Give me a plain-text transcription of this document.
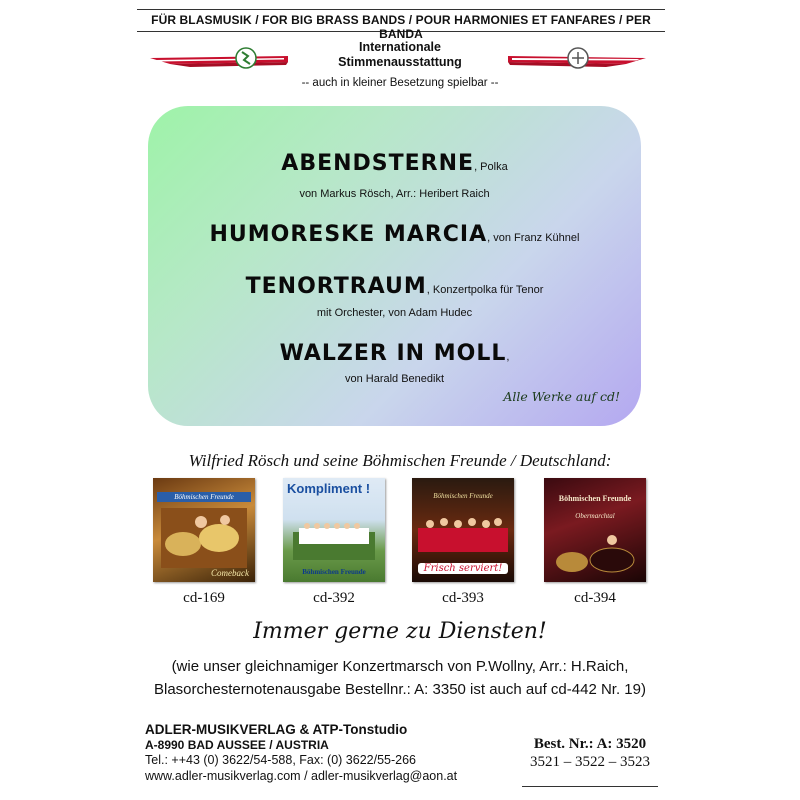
FÜR BLASMUSIK / FOR BIG BRASS BANDS / POUR HARMONIES ET FANFARES / PER BANDA
Internationale
Stimmenausstattung
-- auch in kleiner Besetzung spielbar --
ABENDSTERNE, Polka
von Markus Rösch, Arr.: Heribert Raich
HUMORESKE MARCIA, von Franz Kühnel
TENORTRAUM, Konzertpolka für Tenor
mit Orchester, von Adam Hudec
WALZER IN MOLL,
von Harald Benedikt
Alle Werke auf cd!
Wilfried Rösch und seine Böhmischen Freunde / Deutschland:
Böhmischen Freunde
Comeback
cd-169
Kompliment !
Böhmischen Freunde
cd-392
Böhmischen Freunde
Frisch serviert!
cd-393
Böhmischen Freunde
Obermarchtal
cd-394
Immer gerne zu Diensten!
(wie unser gleichnamiger Konzertmarsch von P.Wollny, Arr.: H.Raich,
Blasorchesternotenausgabe Bestellnr.: A: 3350 ist auch auf cd-442 Nr. 19)
ADLER-MUSIKVERLAG & ATP-Tonstudio
A-8990 BAD AUSSEE / AUSTRIA
Tel.: ++43 (0) 3622/54-588, Fax: (0) 3622/55-266
www.adler-musikverlag.com / adler-musikverlag@aon.at
Best. Nr.: A: 3520
3521 – 3522 – 3523
